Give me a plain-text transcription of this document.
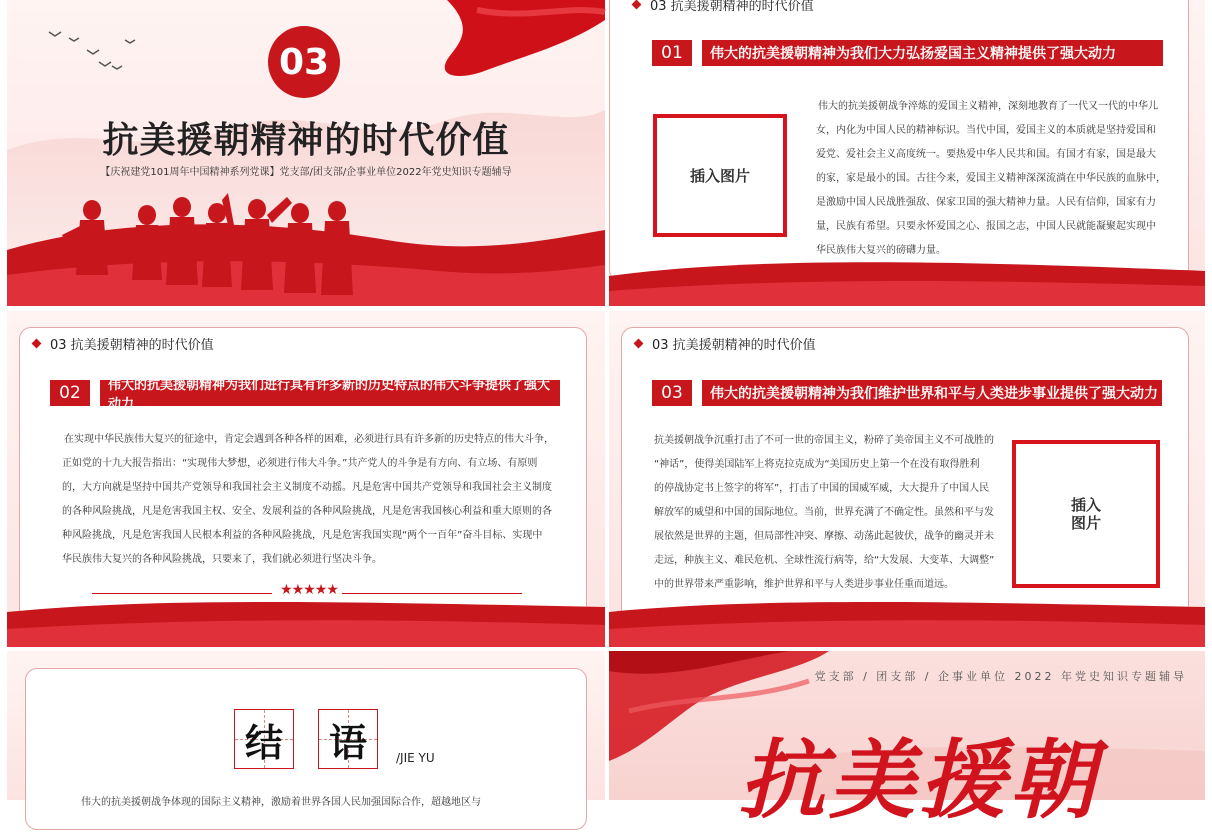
03
抗美援朝精神的时代价值
【庆祝建党101周年中国精神系列党课】党支部/团支部/企事业单位2022年党史知识专题辅导
03 抗美援朝精神的时代价值
01	伟大的抗美援朝精神为我们大力弘扬爱国主义精神提供了强大动力
插入图片
伟大的抗美援朝战争淬炼的爱国主义精神，深刻地教育了一代又一代的中华儿
女，内化为中国人民的精神标识。当代中国，爱国主义的本质就是坚持爱国和
爱党、爱社会主义高度统一。要热爱中华人民共和国。有国才有家，国是最大
的家，家是最小的国。古往今来，爱国主义精神深深流淌在中华民族的血脉中，
是激励中国人民战胜强敌、保家卫国的强大精神力量。人民有信仰，国家有力
量，民族有希望。只要永怀爱国之心、报国之志，中国人民就能凝聚起实现中
华民族伟大复兴的磅礴力量。
03 抗美援朝精神的时代价值
02	伟大的抗美援朝精神为我们进行具有许多新的历史特点的伟大斗争提供了强大动力
在实现中华民族伟大复兴的征途中，肯定会遇到各种各样的困难，必须进行具有许多新的历史特点的伟大斗争，
正如党的十九大报告指出：“实现伟大梦想，必须进行伟大斗争。”共产党人的斗争是有方向、有立场、有原则
的，大方向就是坚持中国共产党领导和我国社会主义制度不动摇。凡是危害中国共产党领导和我国社会主义制度
的各种风险挑战，凡是危害我国主权、安全、发展利益的各种风险挑战，凡是危害我国核心利益和重大原则的各
种风险挑战，凡是危害我国人民根本利益的各种风险挑战，凡是危害我国实现“两个一百年”奋斗目标、实现中
华民族伟大复兴的各种风险挑战，只要来了，我们就必须进行坚决斗争。
★★★★★
03 抗美援朝精神的时代价值
03	伟大的抗美援朝精神为我们维护世界和平与人类进步事业提供了强大动力
抗美援朝战争沉重打击了不可一世的帝国主义，粉碎了美帝国主义不可战胜的
“神话”，使得美国陆军上将克拉克成为“美国历史上第一个在没有取得胜利
的停战协定书上签字的将军”，打击了中国的国威军威，大大提升了中国人民
解放军的威望和中国的国际地位。当前，世界充满了不确定性。虽然和平与发
展依然是世界的主题，但局部性冲突、摩擦、动荡此起彼伏，战争的幽灵并未
走远，种族主义、难民危机、全球性流行病等，给“大发展、大变革、大调整”
中的世界带来严重影响，维护世界和平与人类进步事业任重而道远。
插入
图片
结 语	/JIE YU
伟大的抗美援朝战争体现的国际主义精神，激励着世界各国人民加强国际合作，超越地区与
党支部 / 团支部 / 企事业单位 2022 年党史知识专题辅导
抗美援朝
